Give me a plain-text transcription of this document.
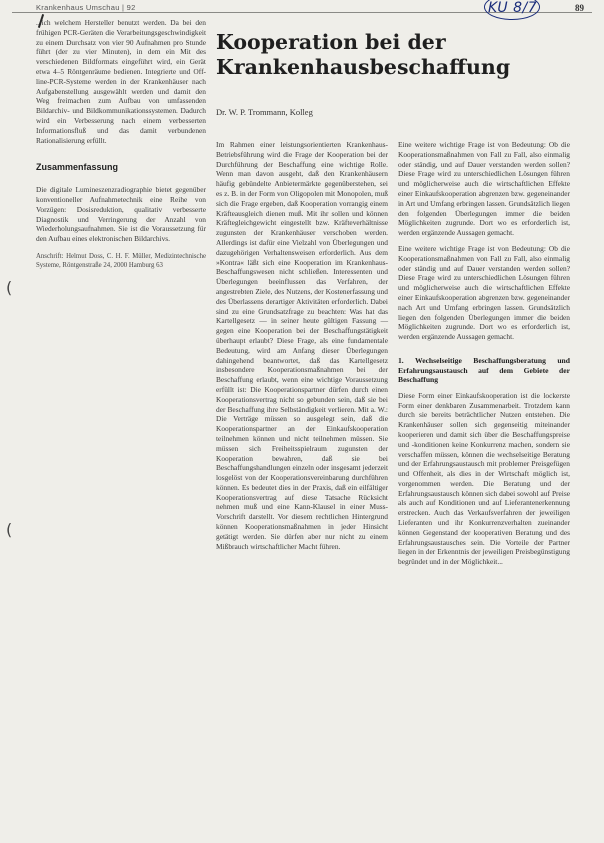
Krankenhaus Umschau | 92	89
KU 8/7
Kooperation bei der Krankenhausbeschaffung
Dr. W. P. Trommann, Kolleg

...ich welchem Hersteller benutzt werden. Da bei den frühigen PCR-Geräten die Verarbeitungsgeschwindigkeit zu einem Durchsatz von vier 90 Aufnahmen pro Stunde führt (der zu vier Minuten), in dem ein Mit des verschiedenen Bildformats eingeführt wird, ein Gerät etwa 4–5 Röntgenräume bedienen. Integrierte und Off-line-PCR-Systeme werden in der Krankenhäuser nach Aufgabenstellung ausgewählt werden und damit den Weg freimachen zum Aufbau von umfassenden Bildarchiv- und Bildkommunikationssystemen. Dadurch wird ein Verbesserung nach einem verbesserten Informationsfluß und das damit verbundenen Rationalisierung erfüllt.

Zusammenfassung

Die digitale Lumineszenzradiographie bietet gegenüber konventioneller Aufnahmetechnik eine Reihe von Vorzügen: Dosisreduktion, qualitativ verbesserte Diagnostik und Verringerung der Anzahl von Wiederholungsaufnahmen. Sie ist die Voraussetzung für den Aufbau eines elektronischen Bildarchivs.

Anschrift: Helmut Doss, C. H. F. Müller, Medizintechnische Systeme, Röntgenstraße 24, 2000 Hamburg 63

Im Rahmen einer leistungsorientierten Krankenhaus-Betriebsführung wird die Frage der Kooperation bei der Durchführung der Beschaffung eine wichtige Rolle. Wenn man davon ausgeht, daß den Krankenhäusern häufig gebündelte Anbietermärkte gegenüberstehen, sei es z. B. in der Form von Oligopolen mit Monopolen, muß sich die Frage ergeben, daß Kooperation vorrangig einem Kräfteausgleich dienen muß. Mit ihr sollen und können Kräftegleichgewicht eingestellt bzw. Kräfteverhältnisse zugunsten der Krankenhäuser verschoben werden. Allerdings ist dafür eine Vielzahl von Überlegungen und dazugehörigen Verhaltensweisen erforderlich. Aus dem »Kontra« läßt sich eine Kooperation im Krankenhaus-Beschaffungswesen nicht schließen. Interessenten und Überlegungen beeinflussen das Verfahren, der angestrebten Ziele, des Nutzens, der Kostenerfassung und des Überlassens derartiger Aktivitäten erforderlich. Dabei sind zu eine Grundsatzfrage zu beachten: Was hat das Kartellgesetz — in seiner heute gültigen Fassung — gegen eine Kooperation bei der Beschaffungstätigkeit überhaupt erlaubt? Diese Frage, als eine fundamentale Bedeutung, wird am Anfang dieser Überlegungen dahingehend beantwortet, daß das Kartellgesetz insbesondere Kooperationsmaßnahmen bei der Beschaffung erlaubt, wenn eine wichtige Voraussetzung erfüllt ist: Die Kooperationspartner dürfen durch einen Kooperationsvertrag nicht so gebunden sein, daß sie bei der Beschaffung ihre Selbständigkeit verlieren. Mit a. W.: Die Verträge müssen so ausgelegt sein, daß die Kooperationspartner an der Einkaufskooperation teilnehmen können und nicht teilnehmen müssen. Sie müssen sich Freiheitsspielraum zugunsten der Kooperation bewahren, daß sie bei Beschaffungshandlungen einzeln oder insgesamt jederzeit losgelöst von der Kooperationsvereinbarung durchführen können. Es bedeutet dies in der Praxis, daß ein eilfältiger Kooperationsvertrag auf diese Tatsache Rücksicht nehmen muß und eine Kann-Klausel in einer Muss-Vorschrift darstellt. Vor diesem rechtlichen Hintergrund können Kooperationsmaßnahmen in jeder Hinsicht getätigt werden. Sie dürfen aber nur nicht zu einem Mißbrauch wirtschaftlicher Macht führen.

Eine weitere wichtige Frage ist von Bedeutung: Ob die Kooperationsmaßnahmen von Fall zu Fall, also einmalig oder ständig, und auf Dauer verstanden werden sollen? Diese Frage wird zu unterschiedlichen Lösungen führen und möglicherweise auch die wirtschaftlichen Effekte einer Einkaufskooperation abgrenzen bzw. gegeneinander in Art und Umfang erbringen lassen. Grundsätzlich liegen den folgenden Überlegungen immer die beiden Möglichkeiten zugrunde. Dort wo es erforderlich ist, werden ergänzende Aussagen gemacht.

Eine weitere wichtige Frage ist von Bedeutung: Ob die Kooperationsmaßnahmen von Fall zu Fall, also einmalig oder ständig und auf Dauer verstanden werden sollen? Diese Frage wird zu unterschiedlichen Lösungen führen und möglicherweise auch die wirtschaftlichen Effekte einer Einkaufskooperation abgrenzen bzw. gegeneinander nach Art und Umfang erbringen lassen. Grundsätzlich liegen den folgenden Überlegungen immer die beiden Möglichkeiten zugrunde. Dort wo es erforderlich ist, werden ergänzende Aussagen gemacht.

1. Wechselseitige Beschaffungsberatung und Erfahrungsaustausch auf dem Gebiete der Beschaffung

Diese Form einer Einkaufskooperation ist die lockerste Form einer denkbaren Zusammenarbeit. Trotzdem kann durch sie bereits beträchtlicher Nutzen entstehen. Die Krankenhäuser sollen sich gegenseitig miteinander kooperieren und damit sich über die Beschaffungspreise und -konditionen keine Konkurrenz machen, sondern sie verschaffen müssen, können die wechselseitige Beratung und der Erfahrungsaustausch mit problemer Preisgefügen und Offenheit, als dies in der Wirtschaft möglich ist, vorgenommen werden. Die Beratung und der Erfahrungsaustausch können sich dabei sowohl auf Preise als auch auf Konditionen und auf Lieferantenerkennung erstrecken. Auch das Verkaufsverfahren der jeweiligen Lieferanten und ihr Konkurrenzverhalten zueinander können Gegenstand der kooperativen Beratung und des Erfahrungsaustausches sein. Die Vorteile der Partner liegen in der Erkenntnis der jeweiligen Preisbegünstigung begründet und in der Möglichkeit...

(
(
